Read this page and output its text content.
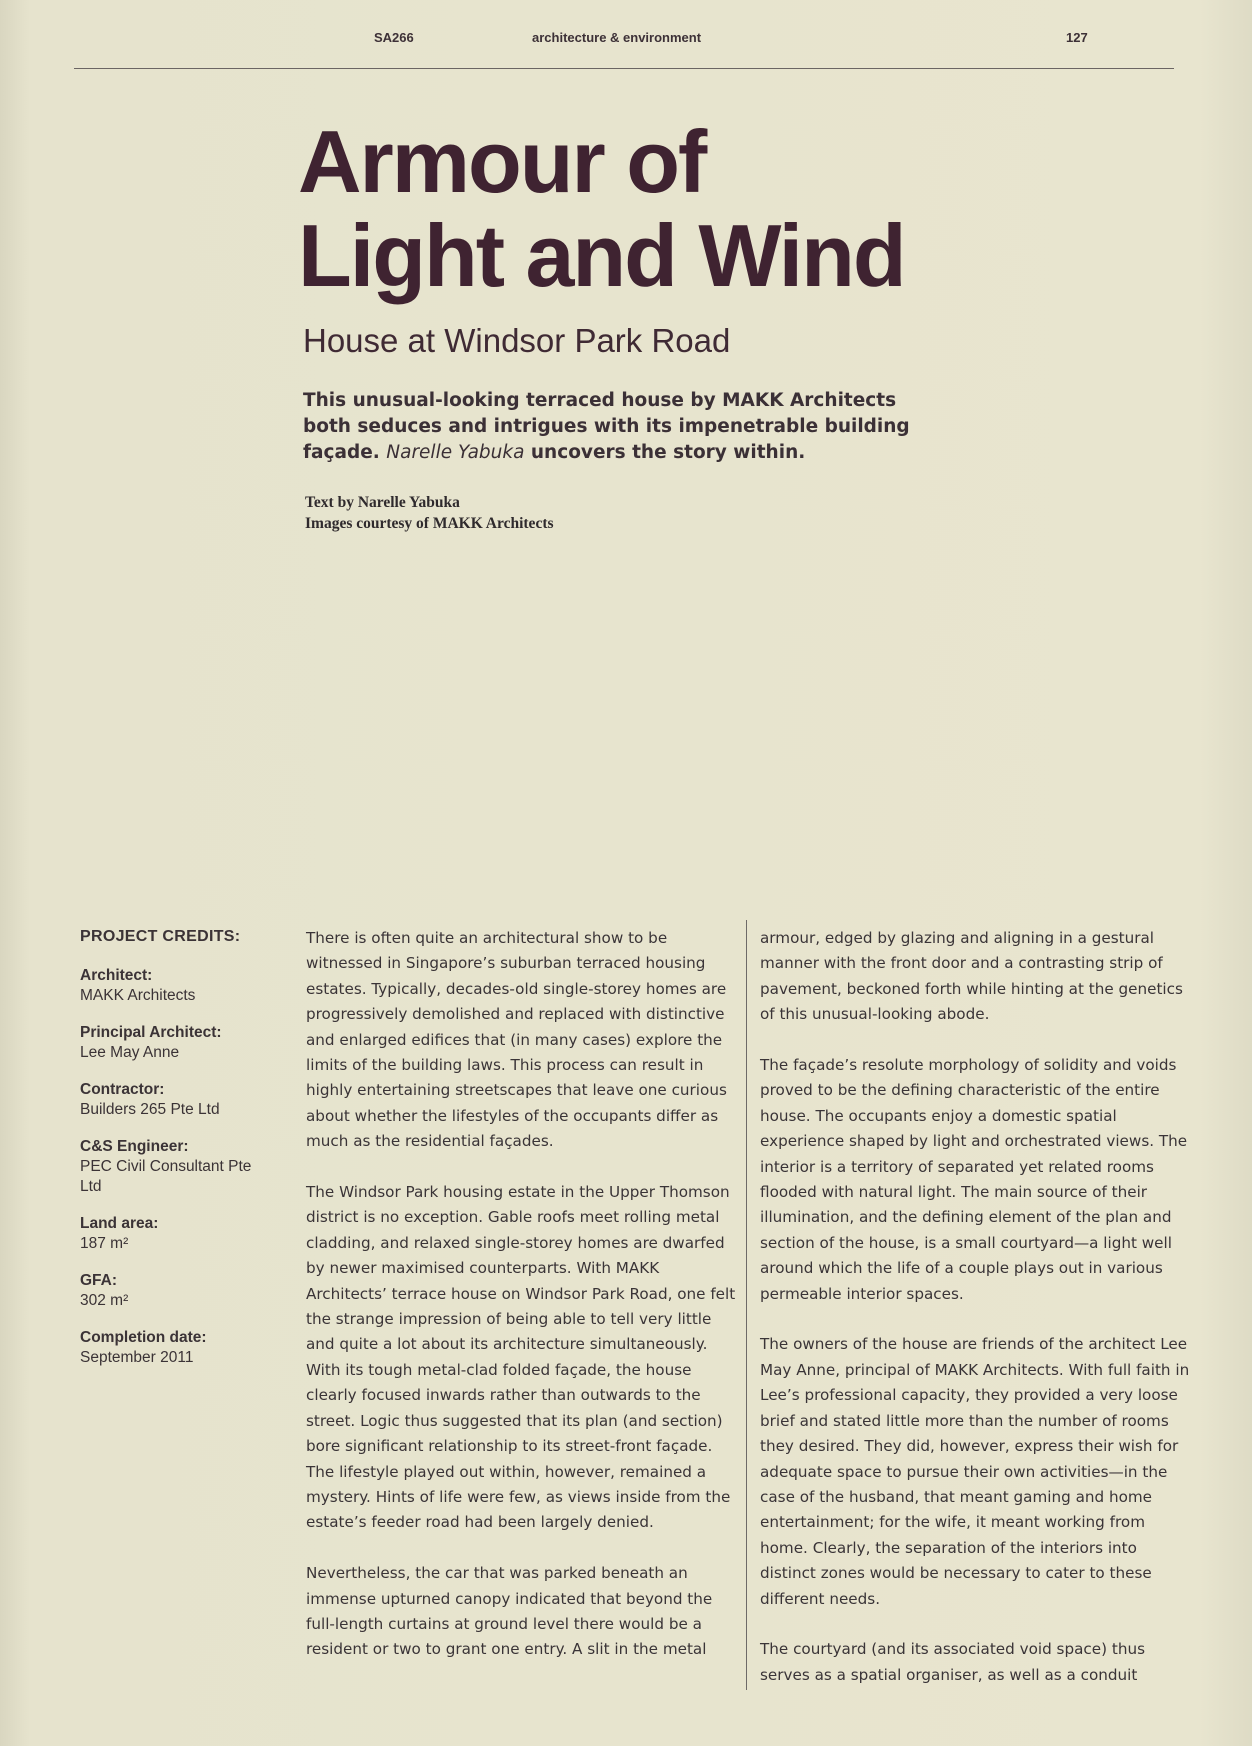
SA266	architecture & environment	127
Armour of
Light and Wind
House at Windsor Park Road

This unusual-looking terraced house by MAKK Architects both seduces and intrigues with its impenetrable building façade. Narelle Yabuka uncovers the story within.

Text by Narelle Yabuka
Images courtesy of MAKK Architects
PROJECT CREDITS:
Architect:
MAKK Architects
Principal Architect:
Lee May Anne
Contractor:
Builders 265 Pte Ltd
C&S Engineer:
PEC Civil Consultant Pte Ltd
Land area:
187 m²
GFA:
302 m²
Completion date:
September 2011

There is often quite an architectural show to be witnessed in Singapore’s suburban terraced housing estates. Typically, decades-old single-storey homes are progressively demolished and replaced with distinctive and enlarged edifices that (in many cases) explore the limits of the building laws. This process can result in highly entertaining streetscapes that leave one curious about whether the lifestyles of the occupants differ as much as the residential façades.

The Windsor Park housing estate in the Upper Thomson district is no exception. Gable roofs meet rolling metal cladding, and relaxed single-storey homes are dwarfed by newer maximised counterparts. With MAKK Architects’ terrace house on Windsor Park Road, one felt the strange impression of being able to tell very little and quite a lot about its architecture simultaneously. With its tough metal-clad folded façade, the house clearly focused inwards rather than outwards to the street. Logic thus suggested that its plan (and section) bore significant relationship to its street-front façade. The lifestyle played out within, however, remained a mystery. Hints of life were few, as views inside from the estate’s feeder road had been largely denied.

Nevertheless, the car that was parked beneath an immense upturned canopy indicated that beyond the full-length curtains at ground level there would be a resident or two to grant one entry. A slit in the metal

armour, edged by glazing and aligning in a gestural manner with the front door and a contrasting strip of pavement, beckoned forth while hinting at the genetics of this unusual-looking abode.

The façade’s resolute morphology of solidity and voids proved to be the defining characteristic of the entire house. The occupants enjoy a domestic spatial experience shaped by light and orchestrated views. The interior is a territory of separated yet related rooms flooded with natural light. The main source of their illumination, and the defining element of the plan and section of the house, is a small courtyard—a light well around which the life of a couple plays out in various permeable interior spaces.

The owners of the house are friends of the architect Lee May Anne, principal of MAKK Architects. With full faith in Lee’s professional capacity, they provided a very loose brief and stated little more than the number of rooms they desired. They did, however, express their wish for adequate space to pursue their own activities—in the case of the husband, that meant gaming and home entertainment; for the wife, it meant working from home. Clearly, the separation of the interiors into distinct zones would be necessary to cater to these different needs.

The courtyard (and its associated void space) thus serves as a spatial organiser, as well as a conduit
